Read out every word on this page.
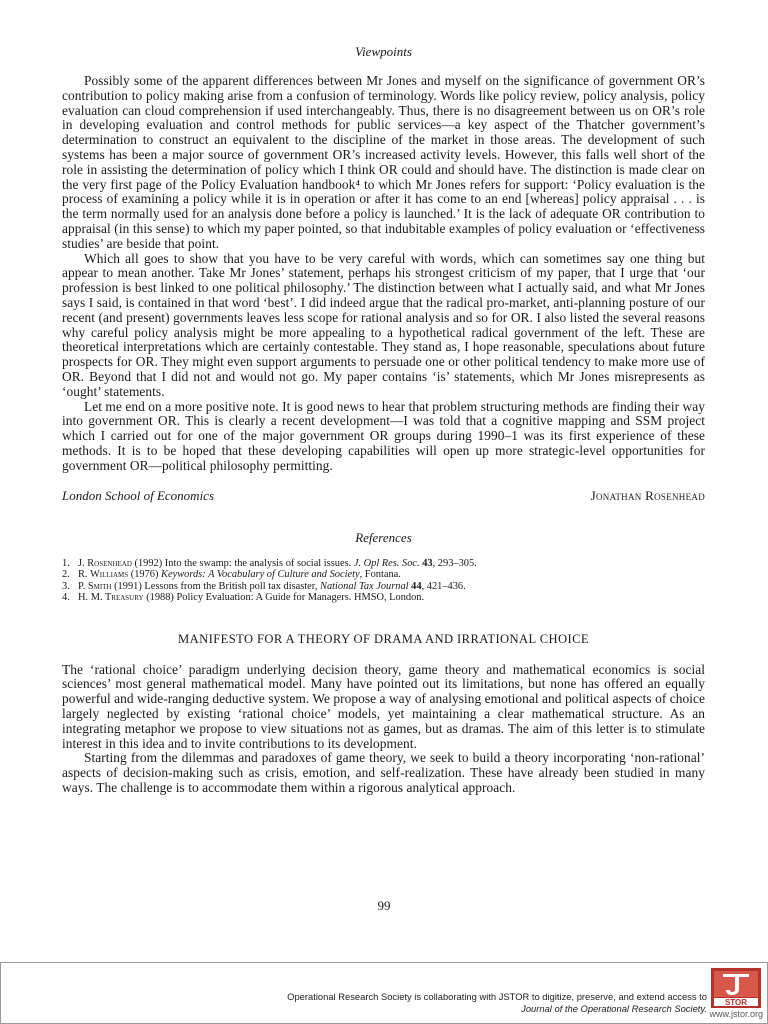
Viewpoints

Possibly some of the apparent differences between Mr Jones and myself on the significance of government OR’s contribution to policy making arise from a confusion of terminology. Words like policy review, policy analysis, policy evaluation can cloud comprehension if used interchangeably. Thus, there is no disagreement between us on OR’s role in developing evaluation and control methods for public services—a key aspect of the Thatcher government’s determination to construct an equivalent to the discipline of the market in those areas. The development of such systems has been a major source of government OR’s increased activity levels. However, this falls well short of the role in assisting the determination of policy which I think OR could and should have. The distinction is made clear on the very first page of the Policy Evaluation handbook⁴ to which Mr Jones refers for support: ‘Policy evaluation is the process of examining a policy while it is in operation or after it has come to an end [whereas] policy appraisal . . . is the term normally used for an analysis done before a policy is launched.’ It is the lack of adequate OR contribution to appraisal (in this sense) to which my paper pointed, so that indubitable examples of policy evaluation or ‘effectiveness studies’ are beside that point.

Which all goes to show that you have to be very careful with words, which can sometimes say one thing but appear to mean another. Take Mr Jones’ statement, perhaps his strongest criticism of my paper, that I urge that ‘our profession is best linked to one political philosophy.’ The distinction between what I actually said, and what Mr Jones says I said, is contained in that word ‘best’. I did indeed argue that the radical pro-market, anti-planning posture of our recent (and present) governments leaves less scope for rational analysis and so for OR. I also listed the several reasons why careful policy analysis might be more appealing to a hypothetical radical government of the left. These are theoretical interpretations which are certainly contestable. They stand as, I hope reasonable, speculations about future prospects for OR. They might even support arguments to persuade one or other political tendency to make more use of OR. Beyond that I did not and would not go. My paper contains ‘is’ statements, which Mr Jones misrepresents as ‘ought’ statements.

Let me end on a more positive note. It is good news to hear that problem structuring methods are finding their way into government OR. This is clearly a recent development—I was told that a cognitive mapping and SSM project which I carried out for one of the major government OR groups during 1990–1 was its first experience of these methods. It is to be hoped that these developing capabilities will open up more strategic-level opportunities for government OR—political philosophy permitting.

London School of Economics	Jonathan Rosenhead
References
1. J. Rosenhead (1992) Into the swamp: the analysis of social issues. J. Opl Res. Soc. 43, 293–305.
2. R. Williams (1976) Keywords: A Vocabulary of Culture and Society, Fontana.
3. P. Smith (1991) Lessons from the British poll tax disaster, National Tax Journal 44, 421–436.
4. H. M. Treasury (1988) Policy Evaluation: A Guide for Managers. HMSO, London.
MANIFESTO FOR A THEORY OF DRAMA AND IRRATIONAL CHOICE

The ‘rational choice’ paradigm underlying decision theory, game theory and mathematical economics is social sciences’ most general mathematical model. Many have pointed out its limitations, but none has offered an equally powerful and wide-ranging deductive system. We propose a way of analysing emotional and political aspects of choice largely neglected by existing ‘rational choice’ models, yet maintaining a clear mathematical structure. As an integrating metaphor we propose to view situations not as games, but as dramas. The aim of this letter is to stimulate interest in this idea and to invite contributions to its development.

Starting from the dilemmas and paradoxes of game theory, we seek to build a theory incorporating ‘non-rational’ aspects of decision-making such as crisis, emotion, and self-realization. These have already been studied in many ways. The challenge is to accommodate them within a rigorous analytical approach.

99
Operational Research Society is collaborating with JSTOR to digitize, preserve, and extend access to
Journal of the Operational Research Society. STOR
www.jstor.org
